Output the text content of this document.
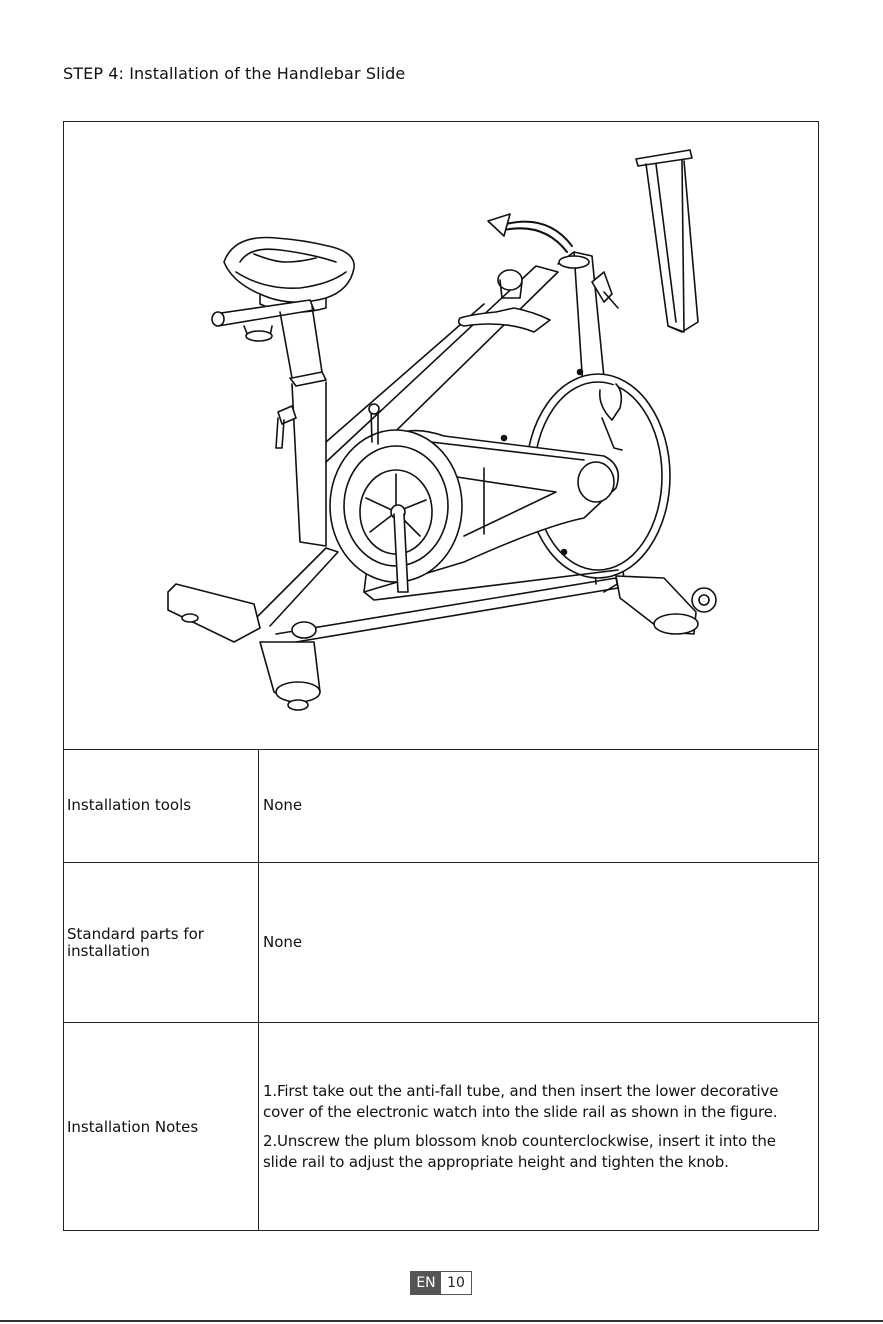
STEP 4: Installation of the Handlebar Slide
Installation tools	None
Standard parts for installation	None
Installation Notes

1.First take out the anti-fall tube, and then insert the lower decorative cover of the electronic watch into the slide rail as shown in the figure.

2.Unscrew the plum blossom knob counterclockwise, insert it into the slide rail to adjust the appropriate height and tighten the knob.

EN 10
